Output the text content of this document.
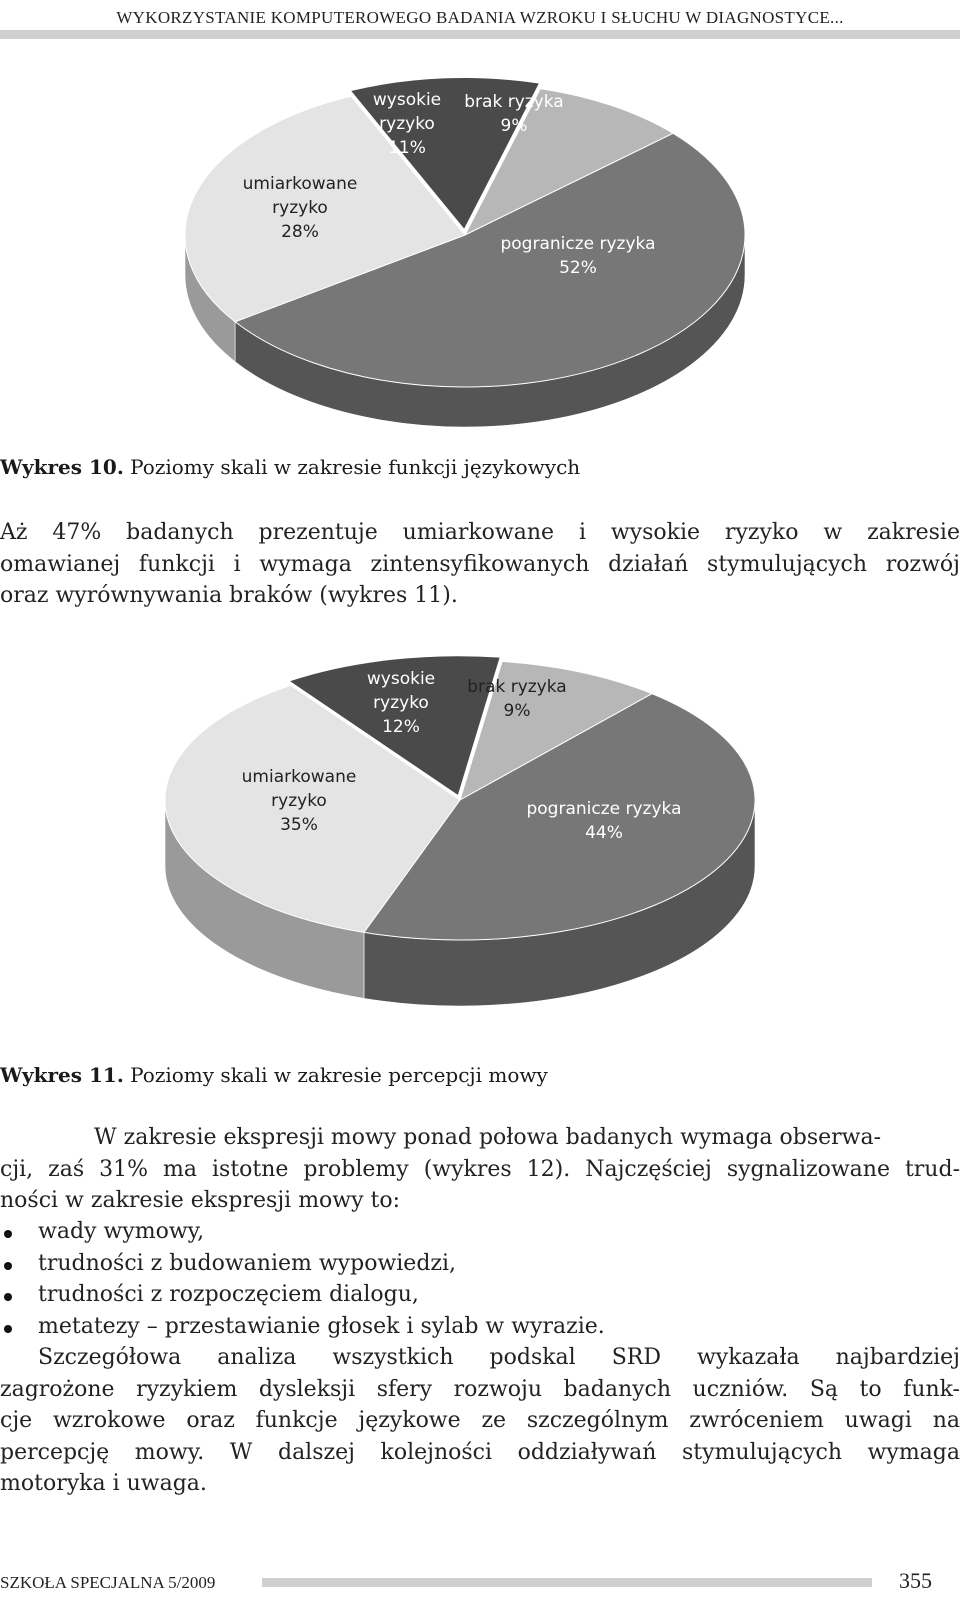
WYKORZYSTANIE KOMPUTEROWEGO BADANIA WZROKU I SŁUCHU W DIAGNOSTYCE...
wysokie ryzyko 11%
brak ryzyka 9%
pogranicze ryzyka 52%
umiarkowane ryzyko 28%
Wykres 10. Poziomy skali w zakresie funkcji językowych
Aż 47% badanych prezentuje umiarkowane i wysokie ryzyko w zakresie
omawianej funkcji i wymaga zintensyfikowanych działań stymulujących rozwój
oraz wyrównywania braków (wykres 11).
wysokie ryzyko 12%
brak ryzyka 9%
pogranicze ryzyka 44%
umiarkowane ryzyko 35%
Wykres 11. Poziomy skali w zakresie percepcji mowy
W zakresie ekspresji mowy ponad połowa badanych wymaga obserwa-
cji, zaś 31% ma istotne problemy (wykres 12). Najczęściej sygnalizowane trud-
ności w zakresie ekspresji mowy to:
wady wymowy,
trudności z budowaniem wypowiedzi,
trudności z rozpoczęciem dialogu,
metatezy – przestawianie głosek i sylab w wyrazie.
Szczegółowa analiza wszystkich podskal SRD wykazała najbardziej
zagrożone ryzykiem dysleksji sfery rozwoju badanych uczniów. Są to funk-
cje wzrokowe oraz funkcje językowe ze szczególnym zwróceniem uwagi na
percepcję mowy. W dalszej kolejności oddziaływań stymulujących wymaga
motoryka i uwaga.
SZKOŁA SPECJALNA 5/2009	355
